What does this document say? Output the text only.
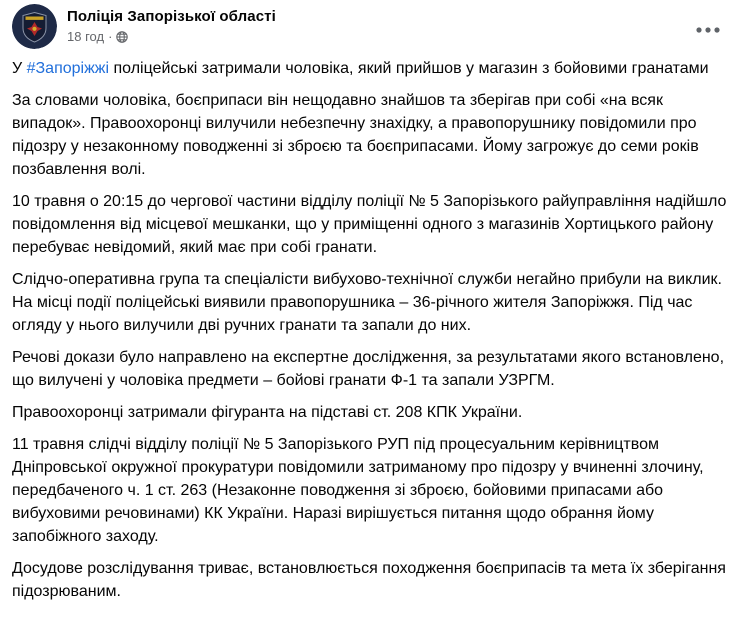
Поліція Запорізької області
18 год ·

У #Запоріжжі поліцейські затримали чоловіка, який прийшов у магазин з бойовими гранатами

За словами чоловіка, боєприпаси він нещодавно знайшов та зберігав при собі «на всяк випадок». Правоохоронці вилучили небезпечну знахідку, а правопорушнику повідомили про підозру у незаконному поводженні зі зброєю та боєприпасами. Йому загрожує до семи років позбавлення волі.

10 травня о 20:15 до чергової частини відділу поліції № 5 Запорізького райуправління надійшло повідомлення від місцевої мешканки, що у приміщенні одного з магазинів Хортицького району перебуває невідомий, який має при собі гранати.

Слідчо-оперативна група та спеціалісти вибухово-технічної служби негайно прибули на виклик. На місці події поліцейські виявили правопорушника – 36-річного жителя Запоріжжя. Під час огляду у нього вилучили дві ручних гранати та запали до них.

Речові докази було направлено на експертне дослідження, за результатами якого встановлено, що вилучені у чоловіка предмети – бойові гранати Ф-1 та запали УЗРГМ.

Правоохоронці затримали фігуранта на підставі ст. 208 КПК України.

11 травня слідчі відділу поліції № 5 Запорізького РУП під процесуальним керівництвом Дніпровської окружної прокуратури повідомили затриманому про підозру у вчиненні злочину, передбаченого ч. 1 ст. 263 (Незаконне поводження зі зброєю, бойовими припасами або вибуховими речовинами) КК України. Наразі вирішується питання щодо обрання йому запобіжного заходу.

Досудове розслідування триває, встановлюється походження боєприпасів та мета їх зберігання підозрюваним.
